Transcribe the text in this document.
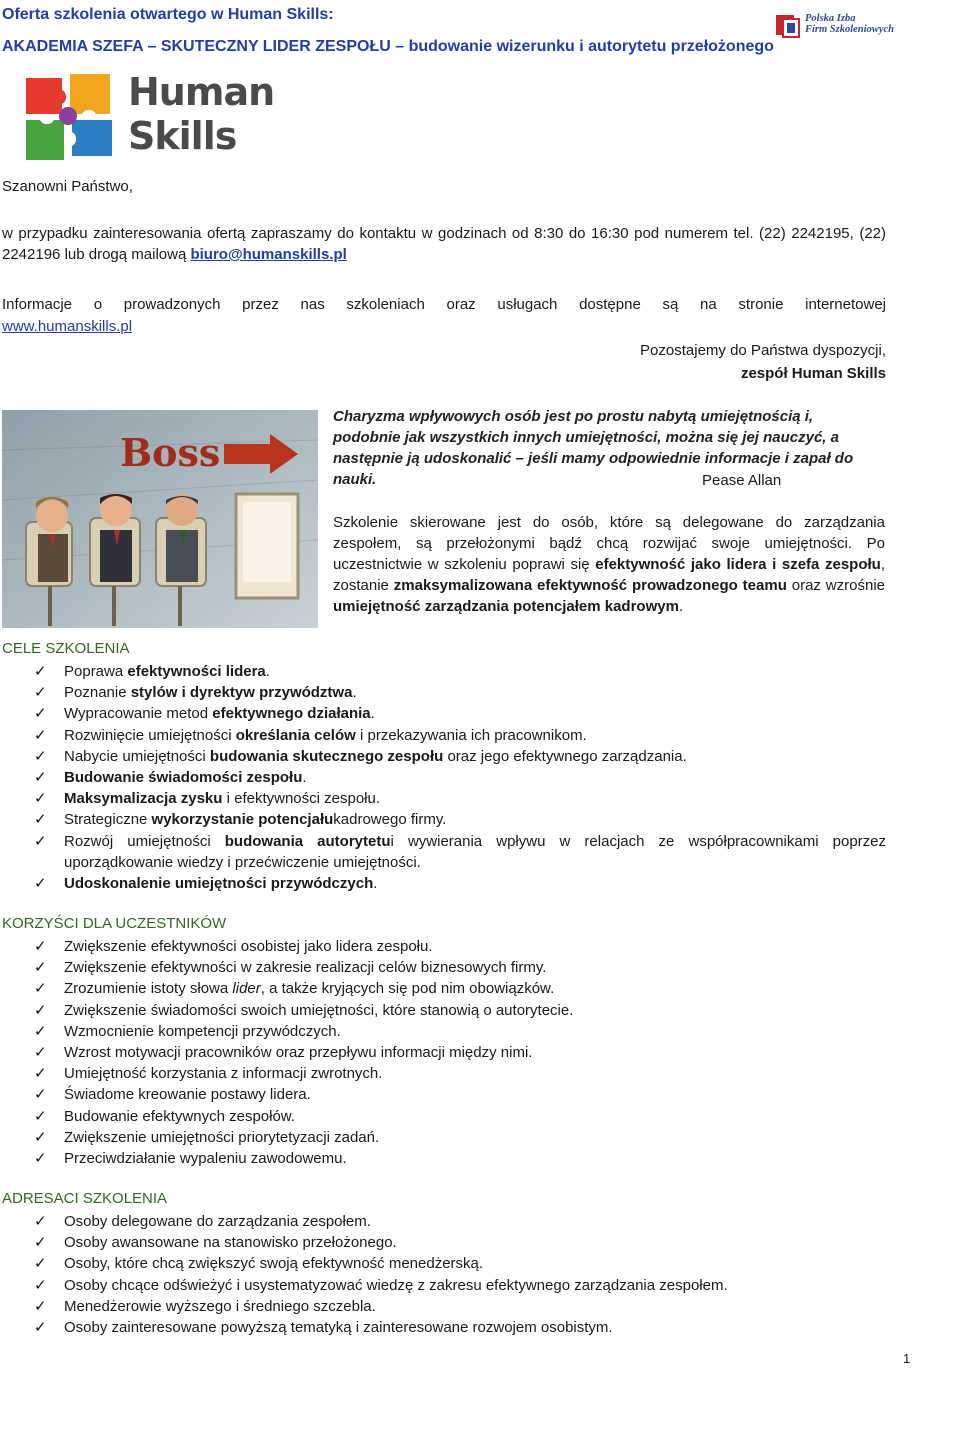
Oferta szkolenia otwartego w Human Skills:
AKADEMIA SZEFA – SKUTECZNY LIDER ZESPOŁU – budowanie wizerunku i autorytetu przełożonego
Polska Izba
Firm Szkoleniowych
Human
Skills
Szanowni Państwo,
w przypadku zainteresowania ofertą zapraszamy do kontaktu w godzinach od 8:30 do 16:30 pod numerem tel. (22) 2242195, (22) 2242196 lub drogą mailową biuro@humanskills.pl
Informacje o prowadzonych przez nas szkoleniach oraz usługach dostępne są na stronie internetowej
www.humanskills.pl
Pozostajemy do Państwa dyspozycji,
zespół Human Skills
Boss
Charyzma wpływowych osób jest po prostu nabytą umiejętnością i, podobnie jak wszystkich innych umiejętności, można się jej nauczyć, a następnie ją udoskonalić – jeśli mamy odpowiednie informacje i zapał do nauki.	Pease Allan
Szkolenie skierowane jest do osób, które są delegowane do zarządzania zespołem, są przełożonymi bądź chcą rozwijać swoje umiejętności. Po uczestnictwie w szkoleniu poprawi się efektywność jako lidera i szefa zespołu, zostanie zmaksymalizowana efektywność prowadzonego teamu oraz wzrośnie umiejętność zarządzania potencjałem kadrowym.
CELE SZKOLENIA
✓ Poprawa efektywności lidera.
✓ Poznanie stylów i dyrektyw przywództwa.
✓ Wypracowanie metod efektywnego działania.
✓ Rozwinięcie umiejętności określania celów i przekazywania ich pracownikom.
✓ Nabycie umiejętności budowania skutecznego zespołu oraz jego efektywnego zarządzania.
✓ Budowanie świadomości zespołu.
✓ Maksymalizacja zysku i efektywności zespołu.
✓ Strategiczne wykorzystanie potencjałukadrowego firmy.
✓ Rozwój umiejętności budowania autorytetui wywierania wpływu w relacjach ze współpracownikami poprzez uporządkowanie wiedzy i przećwiczenie umiejętności.
✓ Udoskonalenie umiejętności przywódczych.
KORZYŚCI DLA UCZESTNIKÓW
✓ Zwiększenie efektywności osobistej jako lidera zespołu.
✓ Zwiększenie efektywności w zakresie realizacji celów biznesowych firmy.
✓ Zrozumienie istoty słowa lider, a także kryjących się pod nim obowiązków.
✓ Zwiększenie świadomości swoich umiejętności, które stanowią o autorytecie.
✓ Wzmocnienie kompetencji przywódczych.
✓ Wzrost motywacji pracowników oraz przepływu informacji między nimi.
✓ Umiejętność korzystania z informacji zwrotnych.
✓ Świadome kreowanie postawy lidera.
✓ Budowanie efektywnych zespołów.
✓ Zwiększenie umiejętności priorytetyzacji zadań.
✓ Przeciwdziałanie wypaleniu zawodowemu.
ADRESACI SZKOLENIA
✓ Osoby delegowane do zarządzania zespołem.
✓ Osoby awansowane na stanowisko przełożonego.
✓ Osoby, które chcą zwiększyć swoją efektywność menedżerską.
✓ Osoby chcące odświeżyć i usystematyzować wiedzę z zakresu efektywnego zarządzania zespołem.
✓ Menedżerowie wyższego i średniego szczebla.
✓ Osoby zainteresowane powyższą tematyką i zainteresowane rozwojem osobistym.
1
